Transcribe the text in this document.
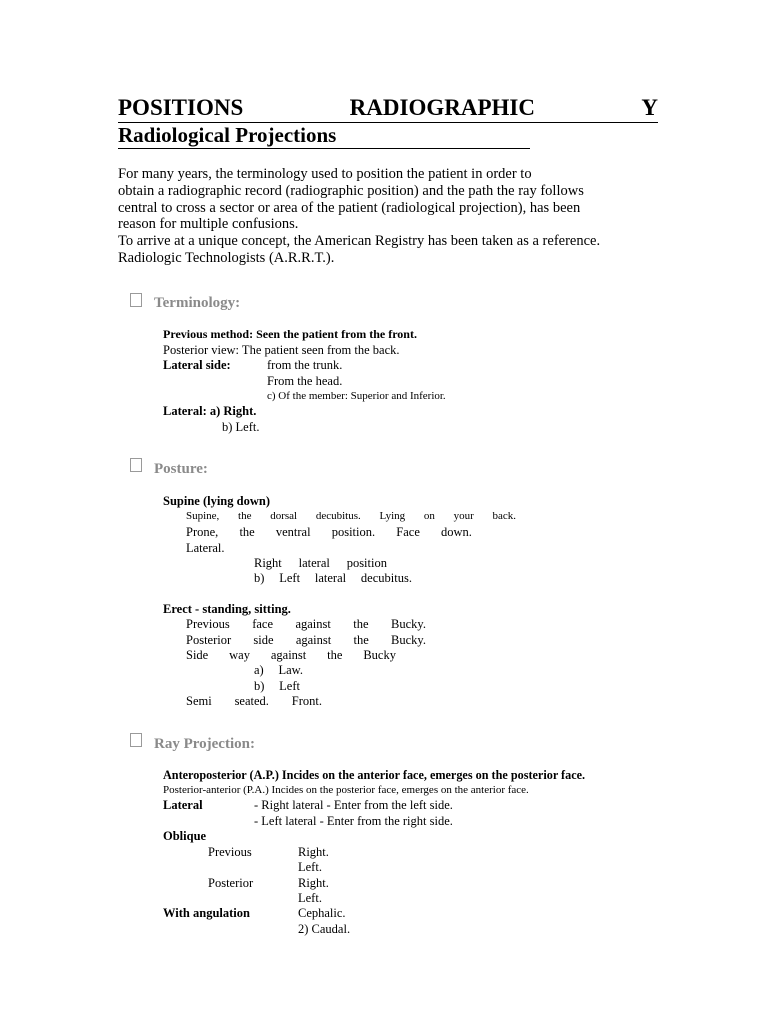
POSITIONS	RADIOGRAPHIC	Y
Radiological Projections
For many years, the terminology used to position the patient in order to
obtain a radiographic record (radiographic position) and the path the ray follows
central to cross a sector or area of the patient (radiological projection), has been
reason for multiple confusions.
To arrive at a unique concept, the American Registry has been taken as a reference.
Radiologic Technologists (A.R.R.T.).
Terminology:
Previous method: Seen the patient from the front.
Posterior view: The patient seen from the back.
Lateral side:	from the trunk.
From the head.
c) Of the member: Superior and Inferior.
Lateral: a) Right.
b) Left.
Posture:
Supine (lying down)
Supine, the dorsal decubitus. Lying on your back.
Prone, the ventral position. Face down.
Lateral.
Right lateral position
b) Left lateral decubitus.
Erect - standing, sitting.
Previous face against the Bucky.
Posterior side against the Bucky.
Side way against the Bucky
a) Law.
b) Left
Semi seated. Front.
Ray Projection:
Anteroposterior (A.P.) Incides on the anterior face, emerges on the posterior face.
Posterior-anterior (P.A.) Incides on the posterior face, emerges on the anterior face.
Lateral	- Right lateral - Enter from the left side.
- Left lateral - Enter from the right side.
Oblique
Previous	Right.
Left.
Posterior	Right.
Left.
With angulation	Cephalic.
2) Caudal.
